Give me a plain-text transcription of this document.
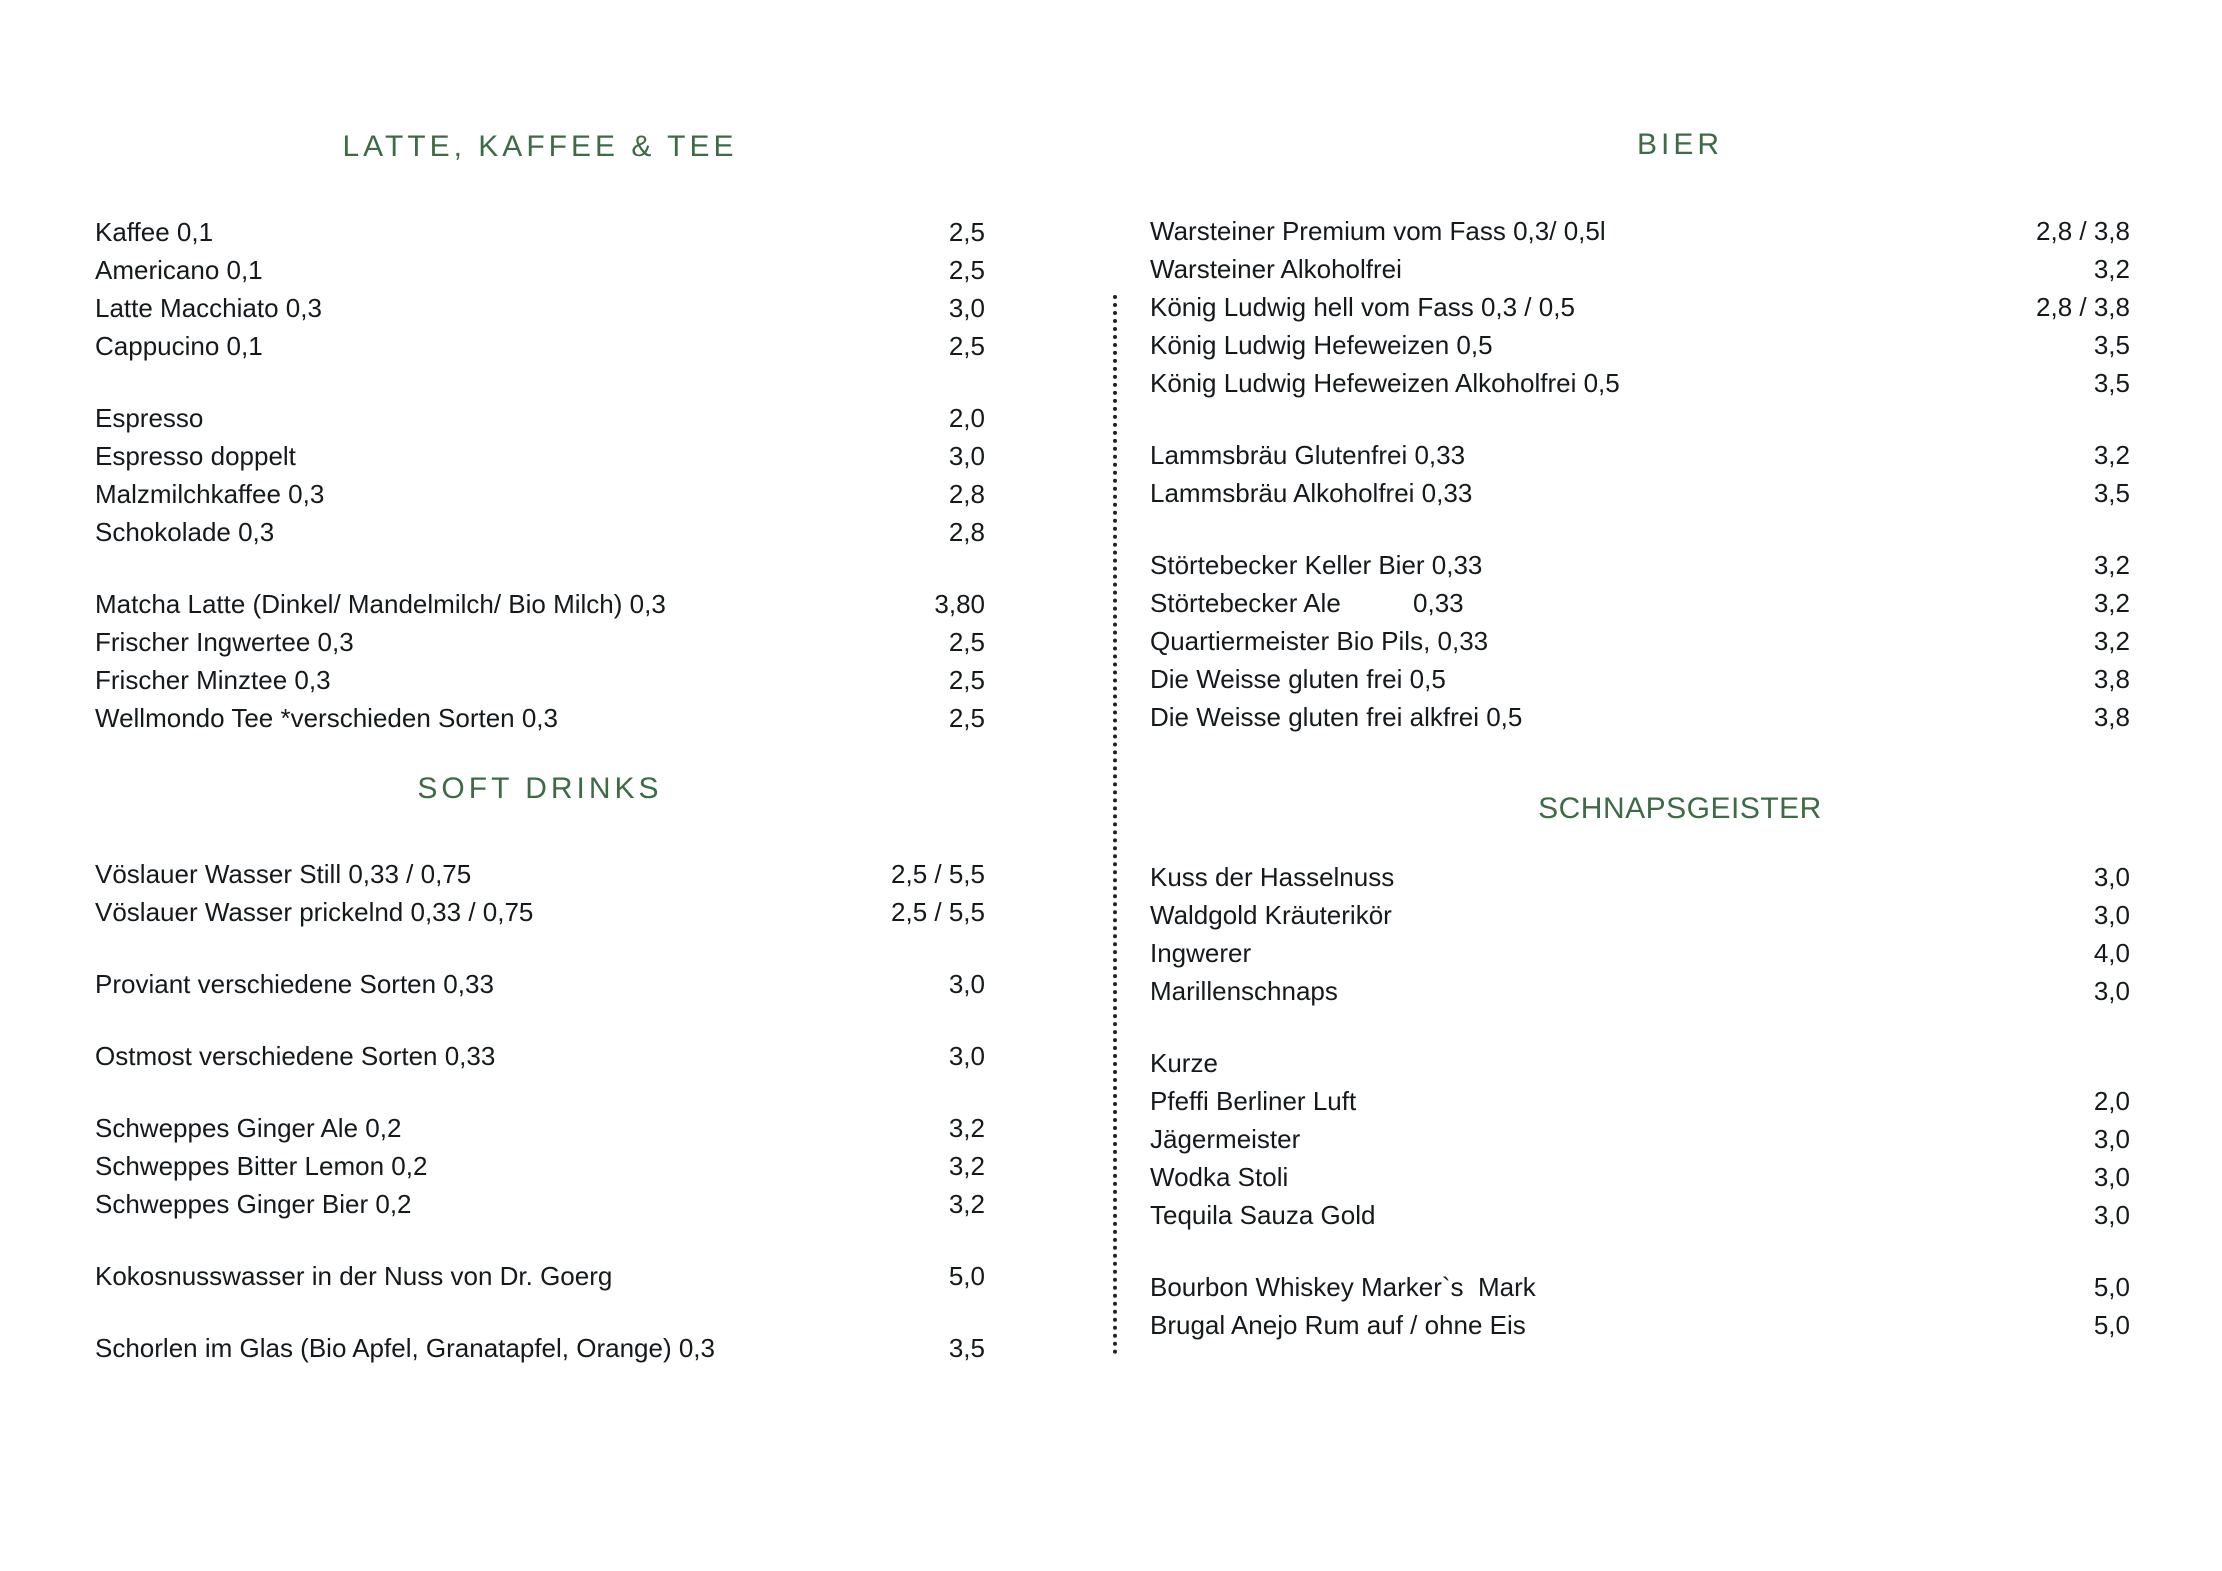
LATTE, KAFFEE & TEE
Kaffee 0,1	2,5
Americano 0,1	2,5
Latte Macchiato 0,3	3,0
Cappucino 0,1	2,5
Espresso	2,0
Espresso doppelt	3,0
Malzmilchkaffee 0,3	2,8
Schokolade 0,3	2,8
Matcha Latte (Dinkel/ Mandelmilch/ Bio Milch) 0,3	3,80
Frischer Ingwertee 0,3	2,5
Frischer Minztee 0,3	2,5
Wellmondo Tee *verschieden Sorten 0,3	2,5
SOFT DRINKS
Vöslauer Wasser Still 0,33 / 0,75	2,5 / 5,5
Vöslauer Wasser prickelnd 0,33 / 0,75	2,5 / 5,5
Proviant verschiedene Sorten 0,33	3,0
Ostmost verschiedene Sorten 0,33	3,0
Schweppes Ginger Ale 0,2	3,2
Schweppes Bitter Lemon 0,2	3,2
Schweppes Ginger Bier 0,2	3,2
Kokosnusswasser in der Nuss von Dr. Goerg	5,0
Schorlen im Glas (Bio Apfel, Granatapfel, Orange) 0,3	3,5
BIER
Warsteiner Premium vom Fass 0,3/ 0,5l	2,8 / 3,8
Warsteiner Alkoholfrei	3,2
König Ludwig hell vom Fass 0,3 / 0,5	2,8 / 3,8
König Ludwig Hefeweizen 0,5	3,5
König Ludwig Hefeweizen Alkoholfrei 0,5	3,5
Lammsbräu Glutenfrei 0,33	3,2
Lammsbräu Alkoholfrei 0,33	3,5
Störtebecker Keller Bier 0,33	3,2
Störtebecker Ale          0,33	3,2
Quartiermeister Bio Pils, 0,33	3,2
Die Weisse gluten frei 0,5	3,8
Die Weisse gluten frei alkfrei 0,5	3,8
SCHNAPSGEISTER
Kuss der Hasselnuss	3,0
Waldgold Kräuterikör	3,0
Ingwerer	4,0
Marillenschnaps	3,0
Kurze
Pfeffi Berliner Luft	2,0
Jägermeister	3,0
Wodka Stoli	3,0
Tequila Sauza Gold	3,0
Bourbon Whiskey Marker`s  Mark	5,0
Brugal Anejo Rum auf / ohne Eis	5,0
